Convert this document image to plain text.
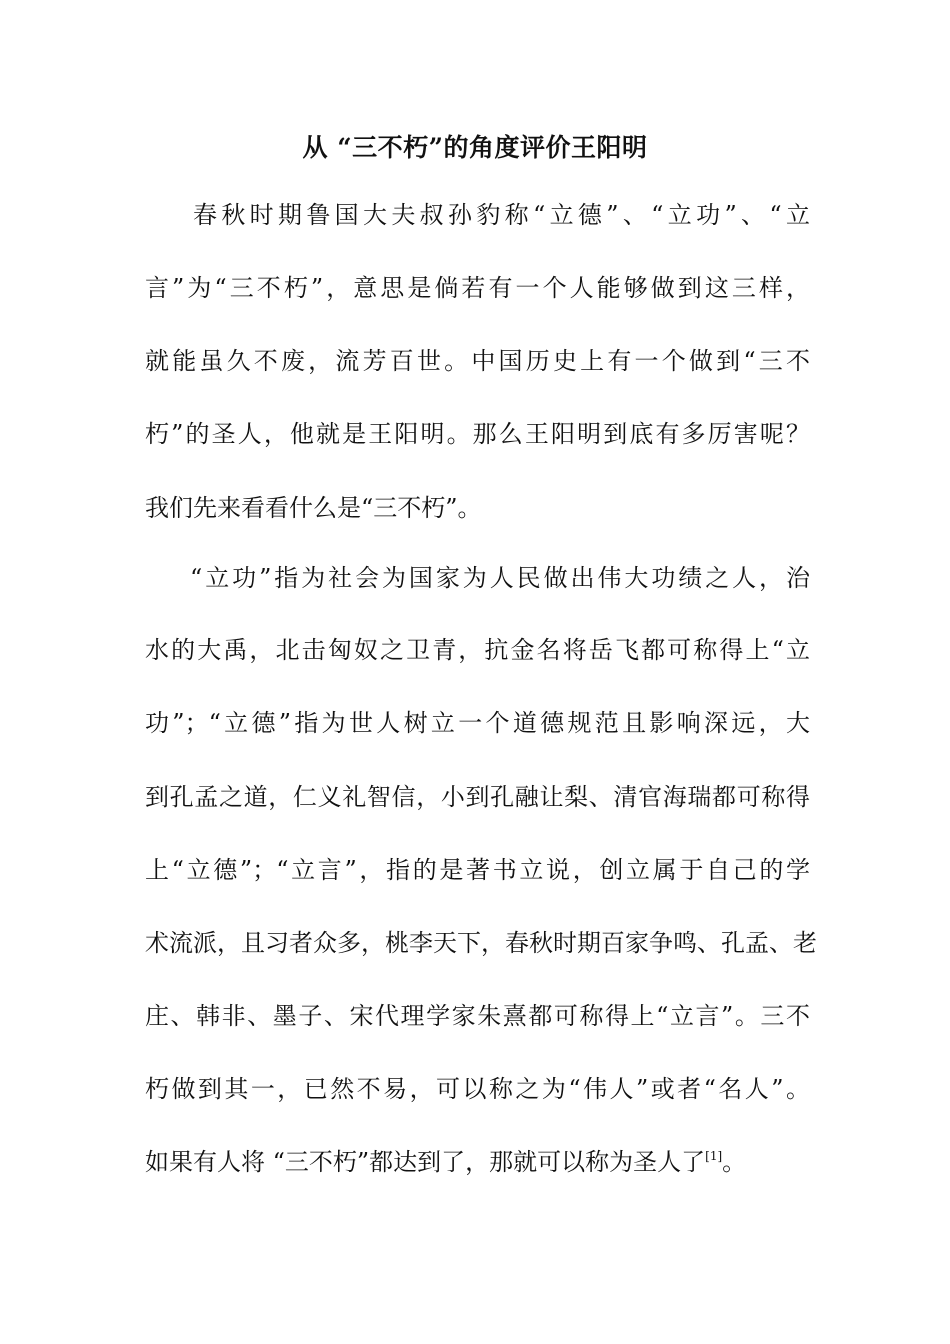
从 “三不朽”的角度评价王阳明

春秋时期鲁国大夫叔孙豹称“立德”、“立功”、“立

言”为“三不朽”，意思是倘若有一个人能够做到这三样，

就能虽久不废，流芳百世。中国历史上有一个做到“三不

朽”的圣人，他就是王阳明。那么王阳明到底有多厉害呢？

我们先来看看什么是“三不朽”。

“立功”指为社会为国家为人民做出伟大功绩之人，治

水的大禹，北击匈奴之卫青，抗金名将岳飞都可称得上“立

功”；“立德”指为世人树立一个道德规范且影响深远，大

到孔孟之道，仁义礼智信，小到孔融让梨、清官海瑞都可称得

上“立德”；“立言”，指的是著书立说，创立属于自己的学

术流派，且习者众多，桃李天下，春秋时期百家争鸣、孔孟、老

庄、韩非、墨子、宋代理学家朱熹都可称得上“立言”。三不

朽做到其一，已然不易，可以称之为“伟人”或者“名人”。

如果有人将 “三不朽”都达到了，那就可以称为圣人了[1]。
